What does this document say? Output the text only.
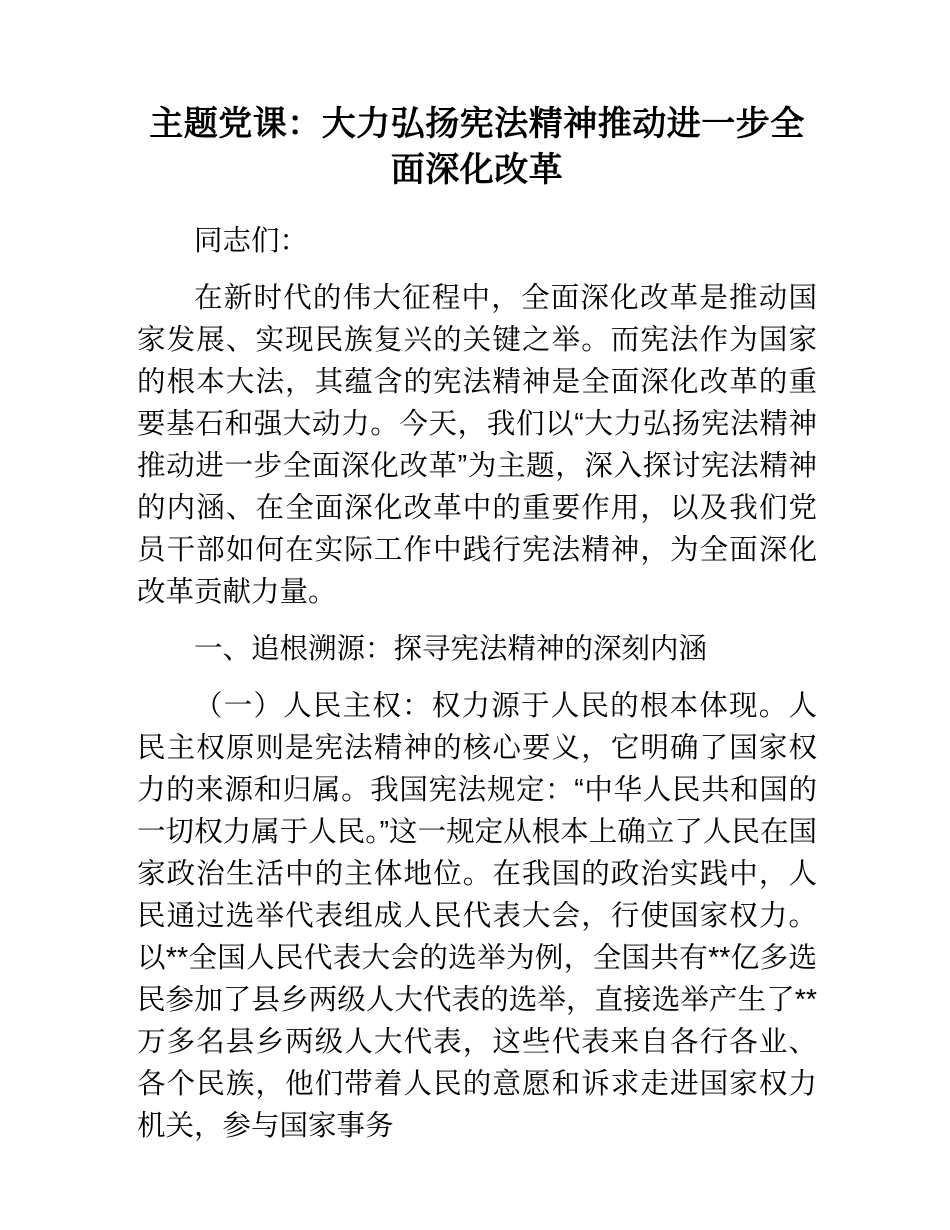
主题党课：大力弘扬宪法精神推动进一步全面深化改革

同志们：

在新时代的伟大征程中，全面深化改革是推动国家发展、实现民族复兴的关键之举。而宪法作为国家的根本大法，其蕴含的宪法精神是全面深化改革的重要基石和强大动力。今天，我们以“大力弘扬宪法精神推动进一步全面深化改革”为主题，深入探讨宪法精神的内涵、在全面深化改革中的重要作用，以及我们党员干部如何在实际工作中践行宪法精神，为全面深化改革贡献力量。

一、追根溯源：探寻宪法精神的深刻内涵

（一）人民主权：权力源于人民的根本体现。人民主权原则是宪法精神的核心要义，它明确了国家权力的来源和归属。我国宪法规定：“中华人民共和国的一切权力属于人民。”这一规定从根本上确立了人民在国家政治生活中的主体地位。在我国的政治实践中，人民通过选举代表组成人民代表大会，行使国家权力。以**全国人民代表大会的选举为例，全国共有**亿多选民参加了县乡两级人大代表的选举，直接选举产生了**万多名县乡两级人大代表，这些代表来自各行各业、各个民族，他们带着人民的意愿和诉求走进国家权力机关，参与国家事务
